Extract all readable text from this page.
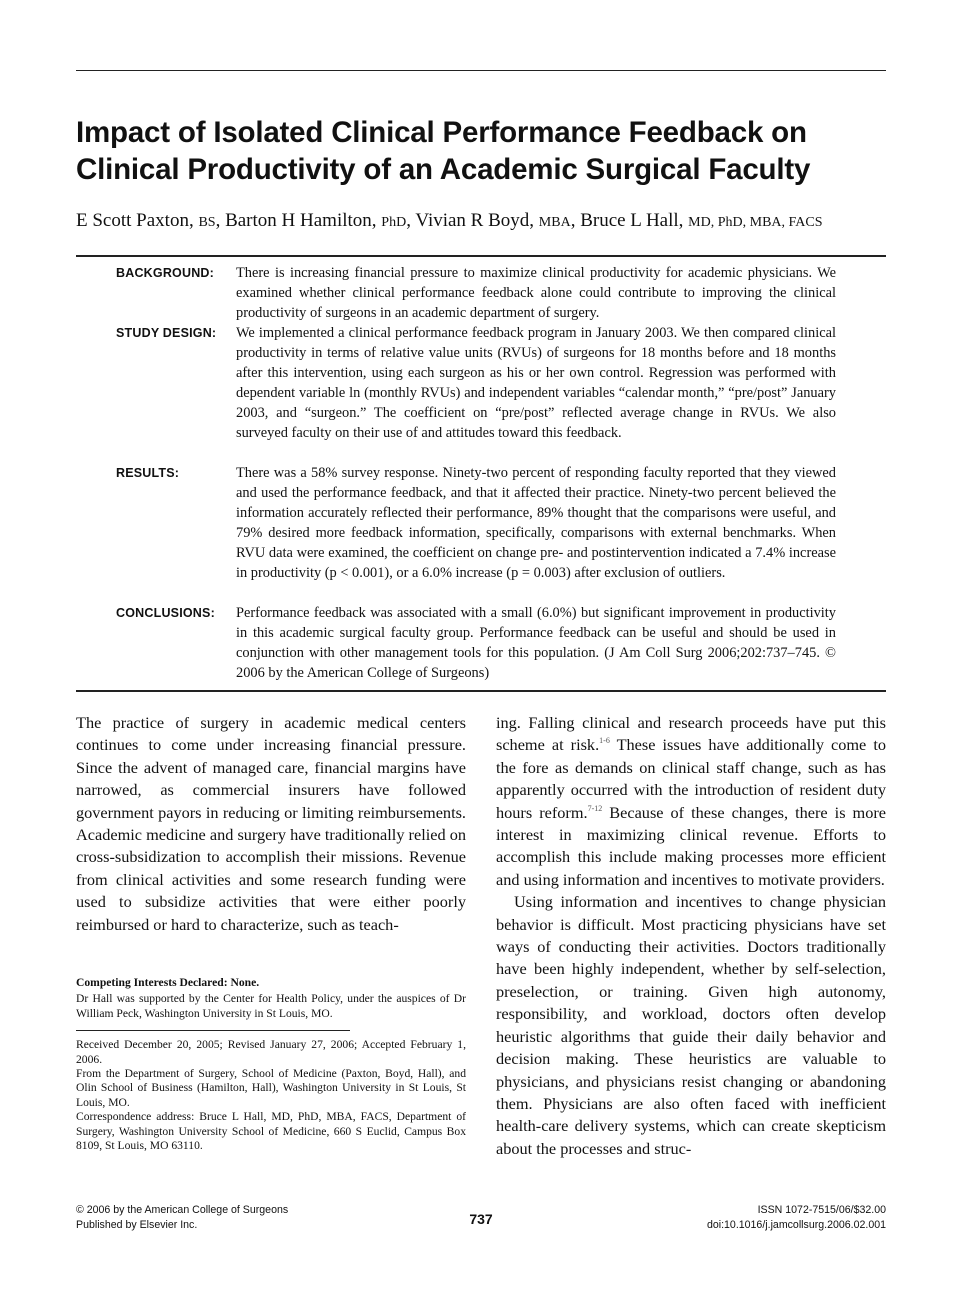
Impact of Isolated Clinical Performance Feedback on Clinical Productivity of an Academic Surgical Faculty
E Scott Paxton, BS, Barton H Hamilton, PhD, Vivian R Boyd, MBA, Bruce L Hall, MD, PhD, MBA, FACS
BACKGROUND: There is increasing financial pressure to maximize clinical productivity for academic physicians. We examined whether clinical performance feedback alone could contribute to improving the clinical productivity of surgeons in an academic department of surgery.
STUDY DESIGN: We implemented a clinical performance feedback program in January 2003. We then compared clinical productivity in terms of relative value units (RVUs) of surgeons for 18 months before and 18 months after this intervention, using each surgeon as his or her own control. Regression was performed with dependent variable ln (monthly RVUs) and independent variables “calendar month,” “pre/post” January 2003, and “surgeon.” The coefficient on “pre/post” reflected average change in RVUs. We also surveyed faculty on their use of and attitudes toward this feedback.
RESULTS:	There was a 58% survey response. Ninety-two percent of responding faculty reported that they viewed and used the performance feedback, and that it affected their practice. Ninety-two percent believed the information accurately reflected their performance, 89% thought that the comparisons were useful, and 79% desired more feedback information, specifically, comparisons with external benchmarks. When RVU data were examined, the coefficient on change pre- and postintervention indicated a 7.4% increase in productivity (p < 0.001), or a 6.0% increase (p = 0.003) after exclusion of outliers.
CONCLUSIONS: Performance feedback was associated with a small (6.0%) but significant improvement in productivity in this academic surgical faculty group. Performance feedback can be useful and should be used in conjunction with other management tools for this population. (J Am Coll Surg 2006;202:737–745. © 2006 by the American College of Surgeons)

The practice of surgery in academic medical centers continues to come under increasing financial pressure. Since the advent of managed care, financial margins have narrowed, as commercial insurers have followed government payors in reducing or limiting reimbursements. Academic medicine and surgery have traditionally relied on cross-subsidization to accomplish their missions. Revenue from clinical activities and some research funding were used to subsidize activities that were either poorly reimbursed or hard to characterize, such as teach-

ing. Falling clinical and research proceeds have put this scheme at risk.$^{1-6}$ These issues have additionally come to the fore as demands on clinical staff change, such as has apparently occurred with the introduction of resident duty hours reform.$^{7-12}$ Because of these changes, there is more interest in maximizing clinical revenue. Efforts to accomplish this include making processes more efficient and using information and incentives to motivate providers.

Using information and incentives to change physician behavior is difficult. Most practicing physicians have set ways of conducting their activities. Doctors traditionally have been highly independent, whether by self-selection, preselection, or training. Given high autonomy, responsibility, and workload, doctors often develop heuristic algorithms that guide their daily behavior and decision making. These heuristics are valuable to physicians, and physicians resist changing or abandoning them. Physicians are also often faced with inefficient health-care delivery systems, which can create skepticism about the processes and struc-

Competing Interests Declared: None.

Dr Hall was supported by the Center for Health Policy, under the auspices of Dr William Peck, Washington University in St Louis, MO.

Received December 20, 2005; Revised January 27, 2006; Accepted February 1, 2006.

From the Department of Surgery, School of Medicine (Paxton, Boyd, Hall), and Olin School of Business (Hamilton, Hall), Washington University in St Louis, St Louis, MO.

Correspondence address: Bruce L Hall, MD, PhD, MBA, FACS, Department of Surgery, Washington University School of Medicine, 660 S Euclid, Campus Box 8109, St Louis, MO 63110.

© 2006 by the American College of Surgeons
Published by Elsevier Inc.	737
ISSN 1072-7515/06/$32.00
doi:10.1016/j.jamcollsurg.2006.02.001
